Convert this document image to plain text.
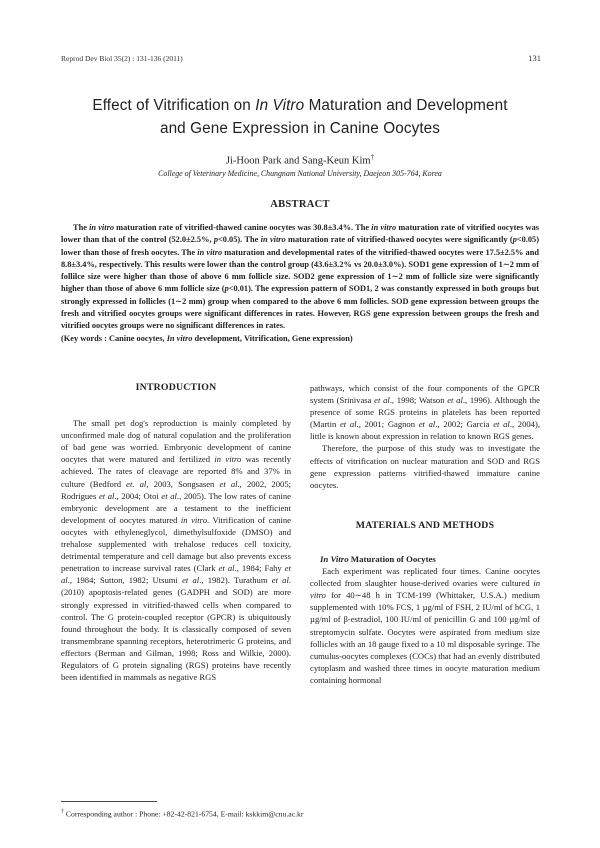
Reprod Dev Biol 35(2) : 131-136 (2011)	131
Effect of Vitrification on In Vitro Maturation and Development
and Gene Expression in Canine Oocytes
Ji-Hoon Park and Sang-Keun Kim†
College of Veterinary Medicine, Chungnam National University, Daejeon 305-764, Korea
ABSTRACT
The in vitro maturation rate of vitrified-thawed canine oocytes was 30.8±3.4%. The in vitro maturation rate of vitrified oocytes was lower than that of the control (52.0±2.5%, p<0.05). The in vitro maturation rate of vitrified-thawed oocytes were significantly (p<0.05) lower than those of fresh oocytes. The in vitro maturation and developmental rates of the vitrified-thawed oocytes were 17.5±2.5% and 8.8±3.4%, respectively. This results were lower than the control group (43.6±3.2% vs 20.0±3.0%). SOD1 gene expression of 1∼2 mm of follilce size were higher than those of above 6 mm follicle size. SOD2 gene expression of 1∼2 mm of follicle size were significantly higher than those of above 6 mm follicle size (p<0.01). The expression pattern of SOD1, 2 was constantly expressed in both groups but strongly expressed in follicles (1∼2 mm) group when compared to the above 6 mm follicles. SOD gene expression between groups the fresh and vitrified oocytes groups were significant differences in rates. However, RGS gene expression between groups the fresh and vitrified oocytes groups were no significant differences in rates.
(Key words : Canine oocytes, In vitro development, Vitrification, Gene expression)

INTRODUCTION

The small pet dog's reproduction is mainly completed by unconfirmed male dog of natural copulation and the proliferation of bad gene was worried. Embryonic development of canine oocytes that were matured and fertilized in vitro was recently achieved. The rates of cleavage are reported 8% and 37% in culture (Bedford et. al, 2003, Songsasen et al., 2002, 2005; Rodrigues et al., 2004; Otoi et al., 2005). The low rates of canine embryonic development are a testament to the inefficient development of oocytes matured in vitro. Vitrification of canine oocytes with ethyleneglycol, dimethylsulfoxide (DMSO) and trehalose supplemented with trehalose reduces cell toxicity, detrimental temperature and cell damage but also prevents excess penetration to increase survival rates (Clark et al., 1984; Fahy et al., 1984; Sutton, 1982; Utsumi et al., 1982). Turathum et al. (2010) apoptosis-related genes (GADPH and SOD) are more strongly expressed in vitrified-thawed cells when compared to control. The G protein-coupled receptor (GPCR) is ubiquitously found throughout the body. It is classically composed of seven transmembrane spanning receptors, heterotrimeric G proteins, and effectors (Berman and Gilman, 1998; Ross and Wilkie, 2000). Regulators of G protein signaling (RGS) proteins have recently been identified in mammals as negative RGS

pathways, which consist of the four components of the GPCR system (Srinivasa et al., 1998; Watson et al., 1996). Although the presence of some RGS proteins in platelets has been reported (Martin et al., 2001; Gagnon et al., 2002; Garcia et al., 2004), little is known about expression in relation to known RGS genes.

Therefore, the purpose of this study was to investigate the effects of vitrification on nuclear maturation and SOD and RGS gene expression patterns vitrified-thawed immature canine oocytes.

MATERIALS AND METHODS

In Vitro Maturation of Oocytes

Each experiment was replicated four times. Canine oocytes collected from slaughter house-derived ovaries were cultured in vitro for 40∼48 h in TCM-199 (Whittaker, U.S.A.) medium supplemented with 10% FCS, 1 µg/ml of FSH, 2 IU/ml of hCG, 1 µg/ml of β-estradiol, 100 IU/ml of penicillin G and 100 µg/ml of streptomycin sulfate. Oocytes were aspirated from medium size follicles with an 18 gauge fixed to a 10 ml disposable syringe. The cumulus-oocytes complexes (COCs) that had an evenly distributed cytoplasm and washed three times in oocyte maturation medium containing hormonal

† Corresponding author : Phone: +82-42-821-6754, E-mail: kskkim@cnu.ac.kr
